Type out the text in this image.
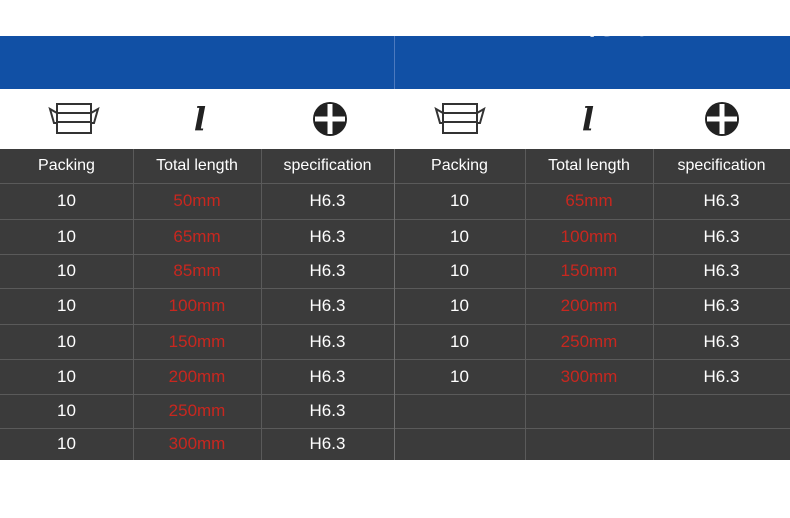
PH2	PH2/SL6
l	l
Packing	Total length	specification
10	50mm	H6.3
10	65mm	H6.3
10	85mm	H6.3
10	100mm	H6.3
10	150mm	H6.3
10	200mm	H6.3
10	250mm	H6.3
10	300mm	H6.3
Packing	Total length	specification
10	65mm	H6.3
10	100mm	H6.3
10	150mm	H6.3
10	200mm	H6.3
10	250mm	H6.3
10	300mm	H6.3
